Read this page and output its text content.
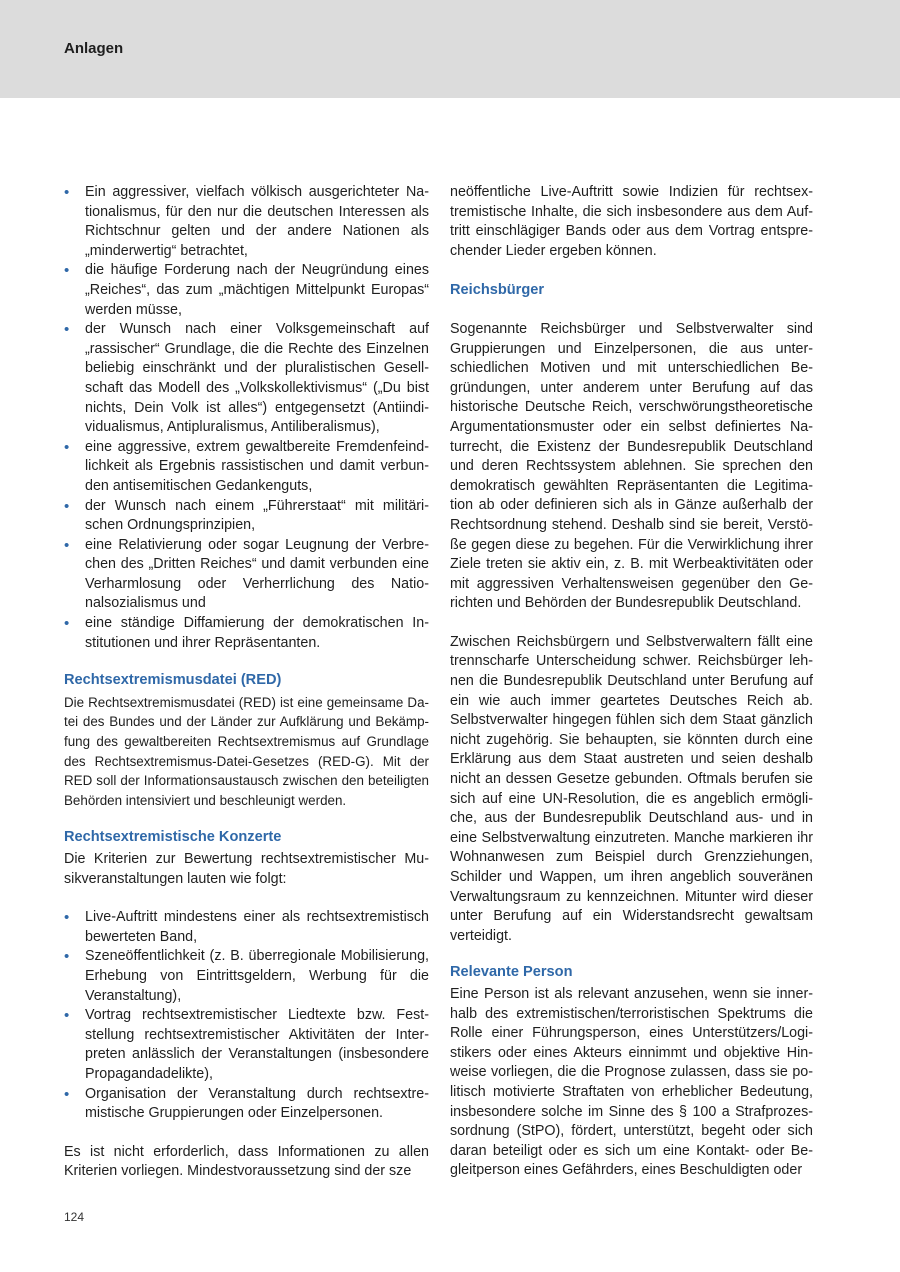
Anlagen
• Ein aggressiver, vielfach völkisch ausgerichteter Nationalismus, für den nur die deutschen Interessen als Richtschnur gelten und der andere Nationen als „minderwertig“ betrachtet,
• die häufige Forderung nach der Neugründung eines „Reiches“, das zum „mächtigen Mittelpunkt Europas“ werden müsse,
• der Wunsch nach einer Volksgemeinschaft auf „rassischer“ Grundlage, die die Rechte des Einzelnen beliebig einschränkt und der pluralistischen Gesellschaft das Modell des „Volkskollektivismus“ („Du bist nichts, Dein Volk ist alles“) entgegensetzt (Antiindividualismus, Antipluralismus, Antiliberalismus),
• eine aggressive, extrem gewaltbereite Fremdenfeindlichkeit als Ergebnis rassistischen und damit verbunden antisemitischen Gedankenguts,
• der Wunsch nach einem „Führerstaat“ mit militärischen Ordnungsprinzipien,
• eine Relativierung oder sogar Leugnung der Verbrechen des „Dritten Reiches“ und damit verbunden eine Verharmlosung oder Verherrlichung des Nationalsozialismus und
• eine ständige Diffamierung der demokratischen Institutionen und ihrer Repräsentanten.
Rechtsextremismusdatei (RED)

Die Rechtsextremismusdatei (RED) ist eine gemeinsame Datei des Bundes und der Länder zur Aufklärung und Bekämpfung des gewaltbereiten Rechtsextremismus auf Grundlage des Rechtsextremismus-Datei-Gesetzes (RED-G). Mit der RED soll der Informationsaustausch zwischen den beteiligten Behörden intensiviert und beschleunigt werden.

Rechtsextremistische Konzerte

Die Kriterien zur Bewertung rechtsextremistischer Musikveranstaltungen lauten wie folgt:

• Live-Auftritt mindestens einer als rechtsextremistisch bewerteten Band,
• Szeneöffentlichkeit (z. B. überregionale Mobilisierung, Erhebung von Eintrittsgeldern, Werbung für die Veranstaltung),
• Vortrag rechtsextremistischer Liedtexte bzw. Feststellung rechtsextremistischer Aktivitäten der Interpreten anlässlich der Veranstaltungen (insbesondere Propagandadelikte),
• Organisation der Veranstaltung durch rechtsextremistische Gruppierungen oder Einzelpersonen.

Es ist nicht erforderlich, dass Informationen zu allen Kriterien vorliegen. Mindestvoraussetzung sind der sze

neöffentliche Live-Auftritt sowie Indizien für rechtsextremistische Inhalte, die sich insbesondere aus dem Auftritt einschlägiger Bands oder aus dem Vortrag entsprechender Lieder ergeben können.

Reichsbürger

Sogenannte Reichsbürger und Selbstverwalter sind Gruppierungen und Einzelpersonen, die aus unterschiedlichen Motiven und mit unterschiedlichen Begründungen, unter anderem unter Berufung auf das historische Deutsche Reich, verschwörungstheoretische Argumentationsmuster oder ein selbst definiertes Naturrecht, die Existenz der Bundesrepublik Deutschland und deren Rechtssystem ablehnen. Sie sprechen den demokratisch gewählten Repräsentanten die Legitimation ab oder definieren sich als in Gänze außerhalb der Rechtsordnung stehend. Deshalb sind sie bereit, Verstöße gegen diese zu begehen. Für die Verwirklichung ihrer Ziele treten sie aktiv ein, z. B. mit Werbeaktivitäten oder mit aggressiven Verhaltensweisen gegenüber den Gerichten und Behörden der Bundesrepublik Deutschland.

Zwischen Reichsbürgern und Selbstverwaltern fällt eine trennscharfe Unterscheidung schwer. Reichsbürger lehnen die Bundesrepublik Deutschland unter Berufung auf ein wie auch immer geartetes Deutsches Reich ab. Selbstverwalter hingegen fühlen sich dem Staat gänzlich nicht zugehörig. Sie behaupten, sie könnten durch eine Erklärung aus dem Staat austreten und seien deshalb nicht an dessen Gesetze gebunden. Oftmals berufen sie sich auf eine UN-Resolution, die es angeblich ermögliche, aus der Bundesrepublik Deutschland aus- und in eine Selbstverwaltung einzutreten. Manche markieren ihr Wohnanwesen zum Beispiel durch Grenzziehungen, Schilder und Wappen, um ihren angeblich souveränen Verwaltungsraum zu kennzeichnen. Mitunter wird dieser unter Berufung auf ein Widerstandsrecht gewaltsam verteidigt.

Relevante Person

Eine Person ist als relevant anzusehen, wenn sie innerhalb des extremistischen/terroristischen Spektrums die Rolle einer Führungsperson, eines Unterstützers/Logistikers oder eines Akteurs einnimmt und objektive Hinweise vorliegen, die die Prognose zulassen, dass sie politisch motivierte Straftaten von erheblicher Bedeutung, insbesondere solche im Sinne des § 100 a Strafprozessordnung (StPO), fördert, unterstützt, begeht oder sich daran beteiligt oder es sich um eine Kontakt- oder Begleitperson eines Gefährders, eines Beschuldigten oder

124
